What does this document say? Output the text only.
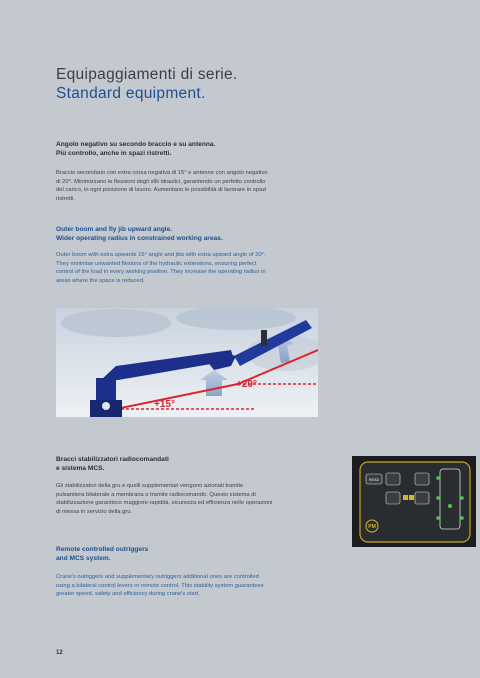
Equipaggiamenti di serie.
Standard equipment.
Angolo negativo su secondo braccio e su antenna.
Più controllo, anche in spazi ristretti.
Braccio secondario con extra corsa negativa di 15° e antenne con angolo negativo
di 20°. Minimizzano le flessioni degli sfili idraulici, garantendo un perfetto controllo
del carico, in ogni posizione di lavoro. Aumentano le possibilità di lavorare in spazi
ristretti.
Outer boom and fly jib upward angle.
Wider operating radius in constrained working areas.
Outer boom with extra upwards 15° angle and jibs with extra upward angle of 20°.
They minimise unwanted flexions of the hydraulic extensions, ensuring perfect
control of the load in every working position. They increase the operating radius in
areas where the space is reduced.
+15°
+20°
Bracci stabilizzatori radiocomandati
e sistema MCS.
Gli stabilizzatori della gru e quelli supplementari vengono azionati tramite
pulsantiera bilaterale a membrana o tramite radiocomando. Questo sistema di
stabilizzazione garantisce maggiore rapidità, sicurezza ed efficienza nelle operazioni
di messa in servizio della gru.
Remote controlled outriggers
and MCS system.
Crane's outriggers and supplementary outriggers additional ones are controlled
using a bilateral control levers or remote control. This stability system guarantees
greater speed, safety and efficiency during crane's start.
READ
PM
12
